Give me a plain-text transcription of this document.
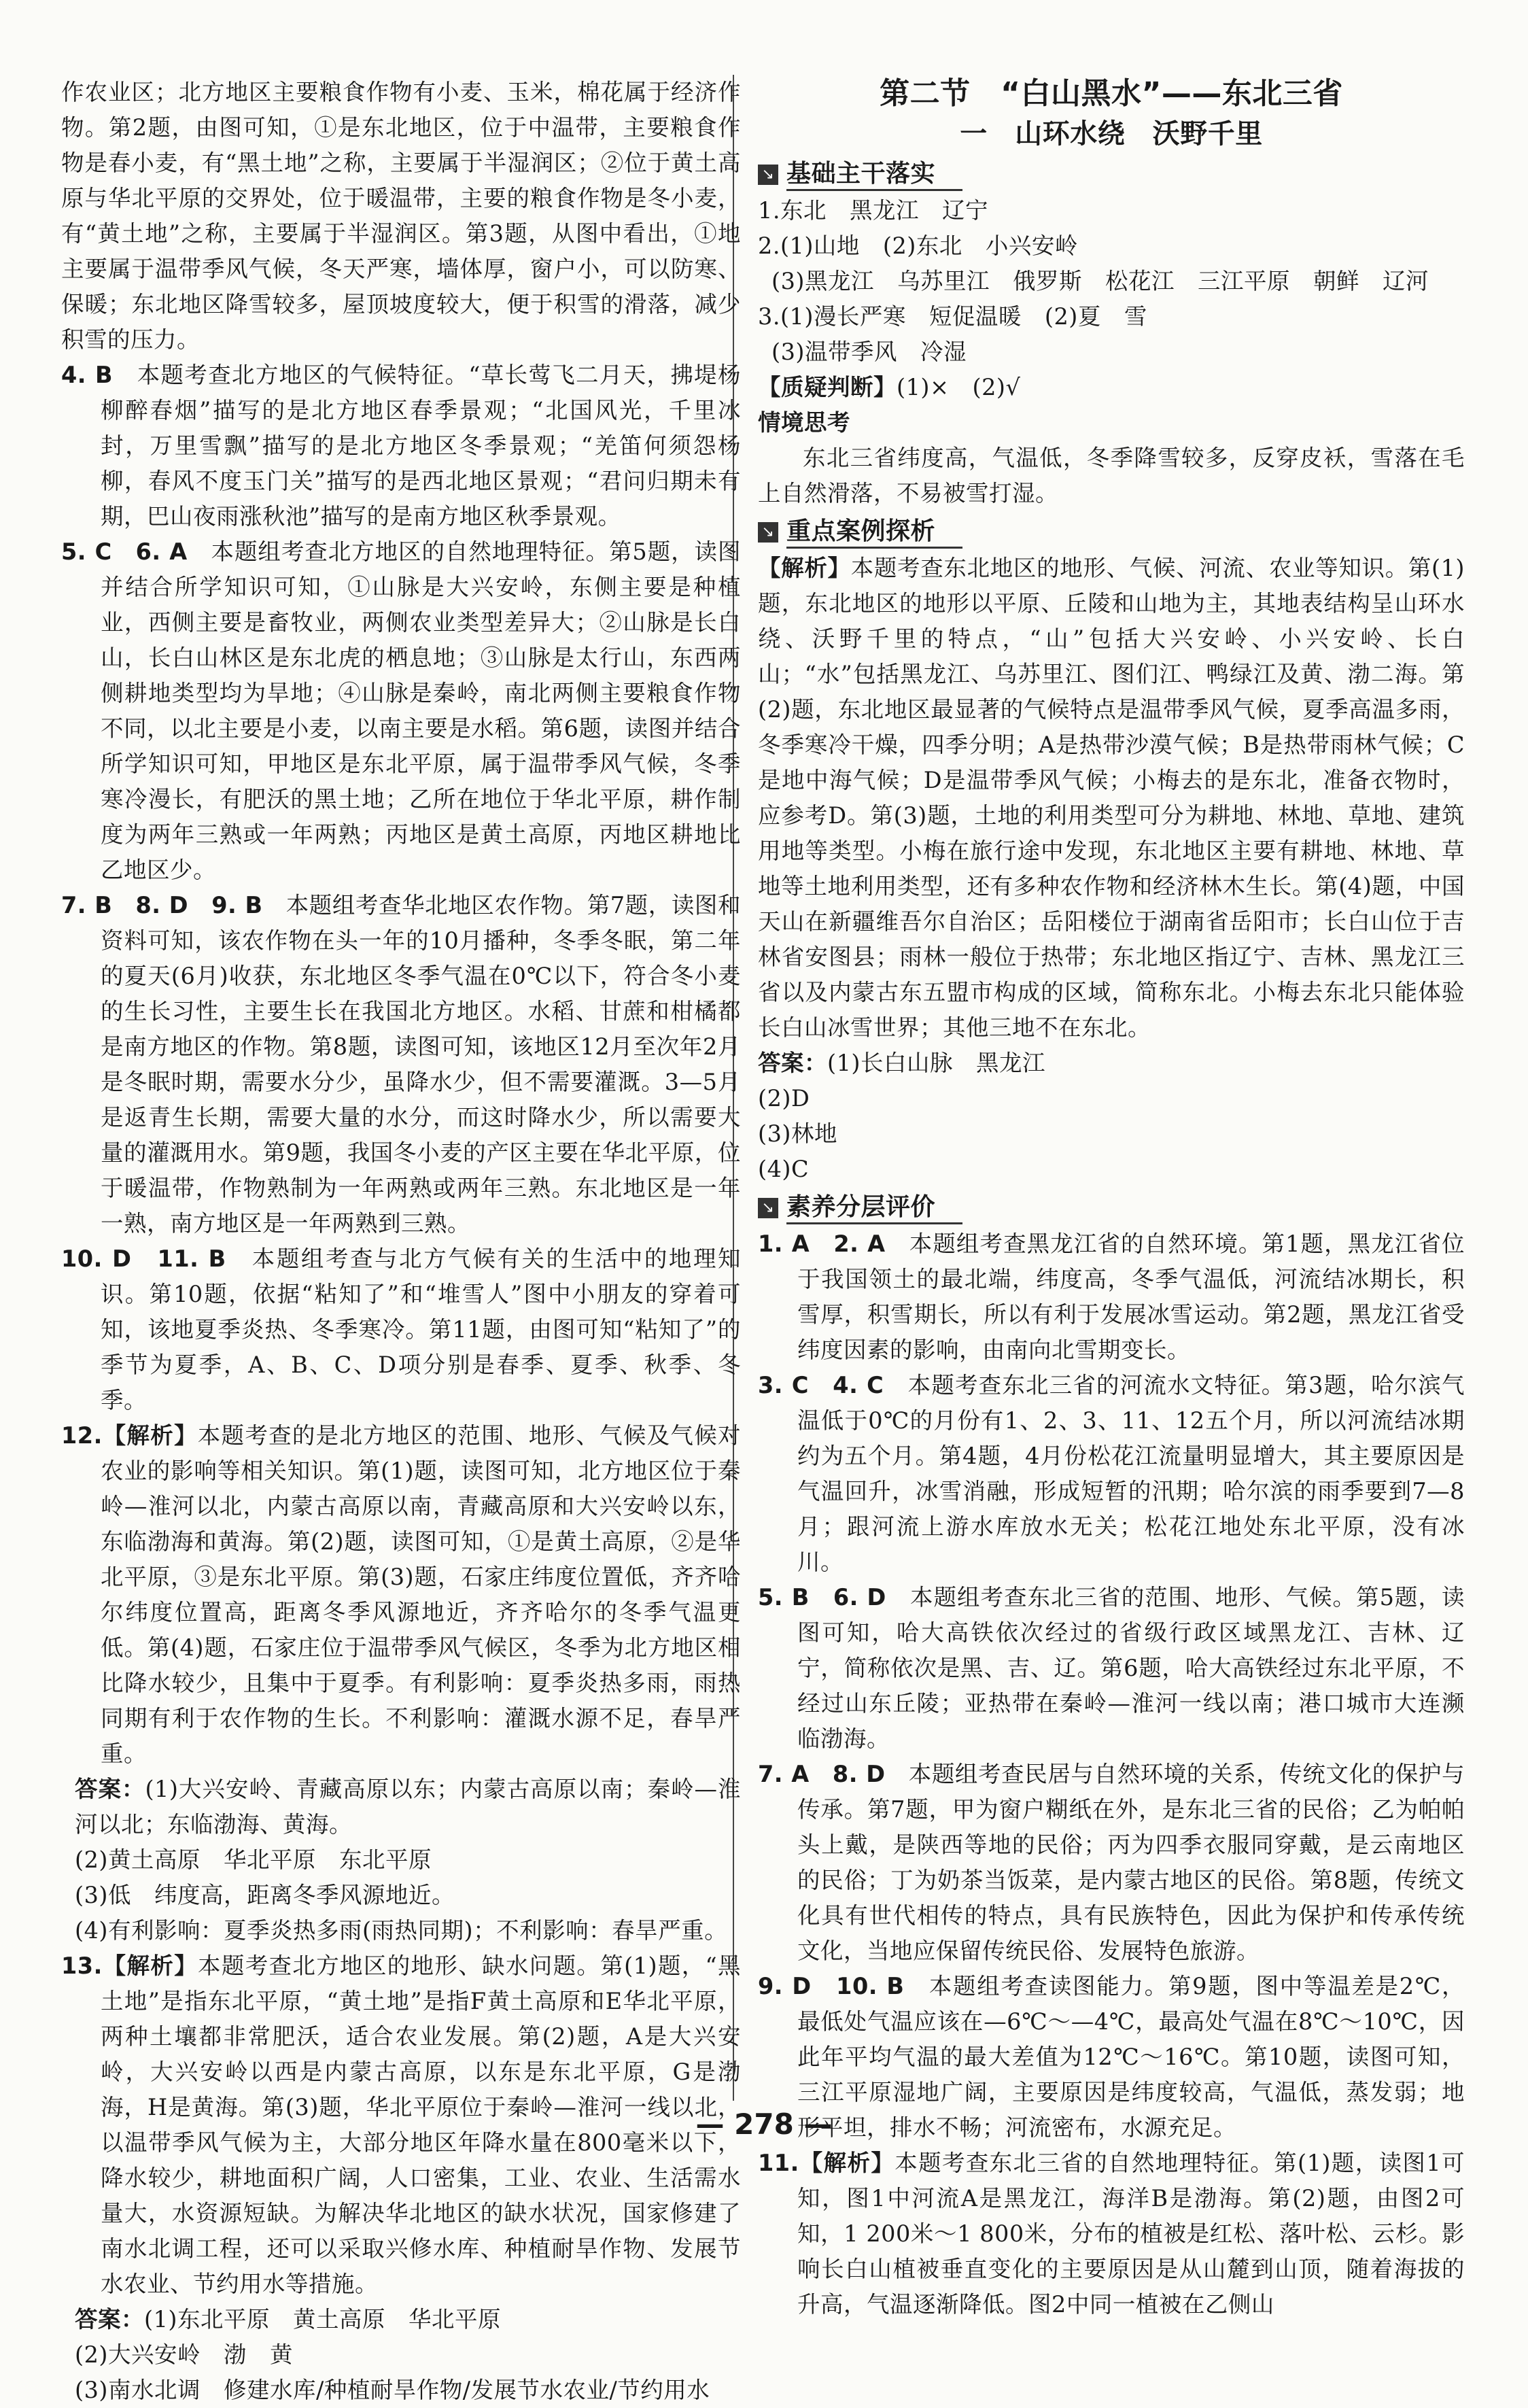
作农业区；北方地区主要粮食作物有小麦、玉米，棉花属于经济作物。第2题，由图可知，①是东北地区，位于中温带，主要粮食作物是春小麦，有“黑土地”之称，主要属于半湿润区；②位于黄土高原与华北平原的交界处，位于暖温带，主要的粮食作物是冬小麦，有“黄土地”之称，主要属于半湿润区。第3题，从图中看出，①地主要属于温带季风气候，冬天严寒，墙体厚，窗户小，可以防寒、保暖；东北地区降雪较多，屋顶坡度较大，便于积雪的滑落，减少积雪的压力。

4. B　 本题考查北方地区的气候特征。“草长莺飞二月天，拂堤杨柳醉春烟”描写的是北方地区春季景观；“北国风光，千里冰封，万里雪飘”描写的是北方地区冬季景观；“羌笛何须怨杨柳，春风不度玉门关”描写的是西北地区景观；“君问归期未有期，巴山夜雨涨秋池”描写的是南方地区秋季景观。

5. C　6. A　 本题组考查北方地区的自然地理特征。第5题，读图并结合所学知识可知，①山脉是大兴安岭，东侧主要是种植业，西侧主要是畜牧业，两侧农业类型差异大；②山脉是长白山，长白山林区是东北虎的栖息地；③山脉是太行山，东西两侧耕地类型均为旱地；④山脉是秦岭，南北两侧主要粮食作物不同，以北主要是小麦，以南主要是水稻。第6题，读图并结合所学知识可知，甲地区是东北平原，属于温带季风气候，冬季寒冷漫长，有肥沃的黑土地；乙所在地位于华北平原，耕作制度为两年三熟或一年两熟；丙地区是黄土高原，丙地区耕地比乙地区少。

7. B　8. D　9. B　 本题组考查华北地区农作物。第7题，读图和资料可知，该农作物在头一年的10月播种，冬季冬眠，第二年的夏天(6月)收获，东北地区冬季气温在0℃以下，符合冬小麦的生长习性，主要生长在我国北方地区。水稻、甘蔗和柑橘都是南方地区的作物。第8题，读图可知，该地区12月至次年2月是冬眠时期，需要水分少，虽降水少，但不需要灌溉。3—5月是返青生长期，需要大量的水分，而这时降水少，所以需要大量的灌溉用水。第9题，我国冬小麦的产区主要在华北平原，位于暖温带，作物熟制为一年两熟或两年三熟。东北地区是一年一熟，南方地区是一年两熟到三熟。

10. D　11. B　 本题组考查与北方气候有关的生活中的地理知识。第10题，依据“粘知了”和“堆雪人”图中小朋友的穿着可知，该地夏季炎热、冬季寒冷。第11题，由图可知“粘知了”的季节为夏季，A、B、C、D项分别是春季、夏季、秋季、冬季。

12.【解析】本题考查的是北方地区的范围、地形、气候及气候对农业的影响等相关知识。第(1)题，读图可知，北方地区位于秦岭—淮河以北，内蒙古高原以南，青藏高原和大兴安岭以东，东临渤海和黄海。第(2)题，读图可知，①是黄土高原，②是华北平原，③是东北平原。第(3)题，石家庄纬度位置低，齐齐哈尔纬度位置高，距离冬季风源地近，齐齐哈尔的冬季气温更低。第(4)题，石家庄位于温带季风气候区，冬季为北方地区相比降水较少，且集中于夏季。有利影响：夏季炎热多雨，雨热同期有利于农作物的生长。不利影响：灌溉水源不足，春旱严重。

答案：(1)大兴安岭、青藏高原以东；内蒙古高原以南；秦岭—淮河以北；东临渤海、黄海。

(2)黄土高原　华北平原　东北平原

(3)低　纬度高，距离冬季风源地近。

(4)有利影响：夏季炎热多雨(雨热同期)；不利影响：春旱严重。

13.【解析】本题考查北方地区的地形、缺水问题。第(1)题，“黑土地”是指东北平原，“黄土地”是指F黄土高原和E华北平原，两种土壤都非常肥沃，适合农业发展。第(2)题，A是大兴安岭，大兴安岭以西是内蒙古高原，以东是东北平原，G是渤海，H是黄海。第(3)题，华北平原位于秦岭—淮河一线以北，以温带季风气候为主，大部分地区年降水量在800毫米以下，降水较少，耕地面积广阔，人口密集，工业、农业、生活需水量大，水资源短缺。为解决华北地区的缺水状况，国家修建了南水北调工程，还可以采取兴修水库、种植耐旱作物、发展节水农业、节约用水等措施。

答案：(1)东北平原　黄土高原　华北平原

(2)大兴安岭　渤　黄

(3)南水北调　修建水库/种植耐旱作物/发展节水农业/节约用水

第二节　“白山黑水”——东北三省
一　山环水绕　沃野千里
↘ 基础主干落实

1.东北　黑龙江　辽宁

2.(1)山地　(2)东北　小兴安岭

(3)黑龙江　乌苏里江　俄罗斯　松花江　三江平原　朝鲜　辽河

3.(1)漫长严寒　短促温暖　(2)夏　雪

(3)温带季风　冷湿

【质疑判断】(1)×　(2)√

情境思考

东北三省纬度高，气温低，冬季降雪较多，反穿皮袄，雪落在毛上自然滑落，不易被雪打湿。

↘ 重点案例探析

【解析】本题考查东北地区的地形、气候、河流、农业等知识。第(1)题，东北地区的地形以平原、丘陵和山地为主，其地表结构呈山环水绕、沃野千里的特点，“山”包括大兴安岭、小兴安岭、长白山；“水”包括黑龙江、乌苏里江、图们江、鸭绿江及黄、渤二海。第(2)题，东北地区最显著的气候特点是温带季风气候，夏季高温多雨，冬季寒冷干燥，四季分明；A是热带沙漠气候；B是热带雨林气候；C是地中海气候；D是温带季风气候；小梅去的是东北，准备衣物时，应参考D。第(3)题，土地的利用类型可分为耕地、林地、草地、建筑用地等类型。小梅在旅行途中发现，东北地区主要有耕地、林地、草地等土地利用类型，还有多种农作物和经济林木生长。第(4)题，中国天山在新疆维吾尔自治区；岳阳楼位于湖南省岳阳市；长白山位于吉林省安图县；雨林一般位于热带；东北地区指辽宁、吉林、黑龙江三省以及内蒙古东五盟市构成的区域，简称东北。小梅去东北只能体验长白山冰雪世界；其他三地不在东北。

答案：(1)长白山脉　黑龙江

(2)D

(3)林地

(4)C

↘ 素养分层评价

1. A　2. A　 本题组考查黑龙江省的自然环境。第1题，黑龙江省位于我国领土的最北端，纬度高，冬季气温低，河流结冰期长，积雪厚，积雪期长，所以有利于发展冰雪运动。第2题，黑龙江省受纬度因素的影响，由南向北雪期变长。

3. C　4. C　 本题考查东北三省的河流水文特征。第3题，哈尔滨气温低于0℃的月份有1、2、3、11、12五个月，所以河流结冰期约为五个月。第4题，4月份松花江流量明显增大，其主要原因是气温回升，冰雪消融，形成短暂的汛期；哈尔滨的雨季要到7—8月；跟河流上游水库放水无关；松花江地处东北平原，没有冰川。

5. B　6. D　 本题组考查东北三省的范围、地形、气候。第5题，读图可知，哈大高铁依次经过的省级行政区域黑龙江、吉林、辽宁，简称依次是黑、吉、辽。第6题，哈大高铁经过东北平原，不经过山东丘陵；亚热带在秦岭—淮河一线以南；港口城市大连濒临渤海。

7. A　8. D　 本题组考查民居与自然环境的关系，传统文化的保护与传承。第7题，甲为窗户糊纸在外，是东北三省的民俗；乙为帕帕头上戴，是陕西等地的民俗；丙为四季衣服同穿戴，是云南地区的民俗；丁为奶茶当饭菜，是内蒙古地区的民俗。第8题，传统文化具有世代相传的特点，具有民族特色，因此为保护和传承传统文化，当地应保留传统民俗、发展特色旅游。

9. D　10. B　 本题组考查读图能力。第9题，图中等温差是2℃，最低处气温应该在—6℃～—4℃，最高处气温在8℃～10℃，因此年平均气温的最大差值为12℃～16℃。第10题，读图可知，三江平原湿地广阔，主要原因是纬度较高，气温低，蒸发弱；地形平坦，排水不畅；河流密布，水源充足。

11.【解析】本题考查东北三省的自然地理特征。第(1)题，读图1可知，图1中河流A是黑龙江，海洋B是渤海。第(2)题，由图2可知，1 200米～1 800米，分布的植被是红松、落叶松、云杉。影响长白山植被垂直变化的主要原因是从山麓到山顶，随着海拔的升高，气温逐渐降低。图2中同一植被在乙侧山

— 278 —
